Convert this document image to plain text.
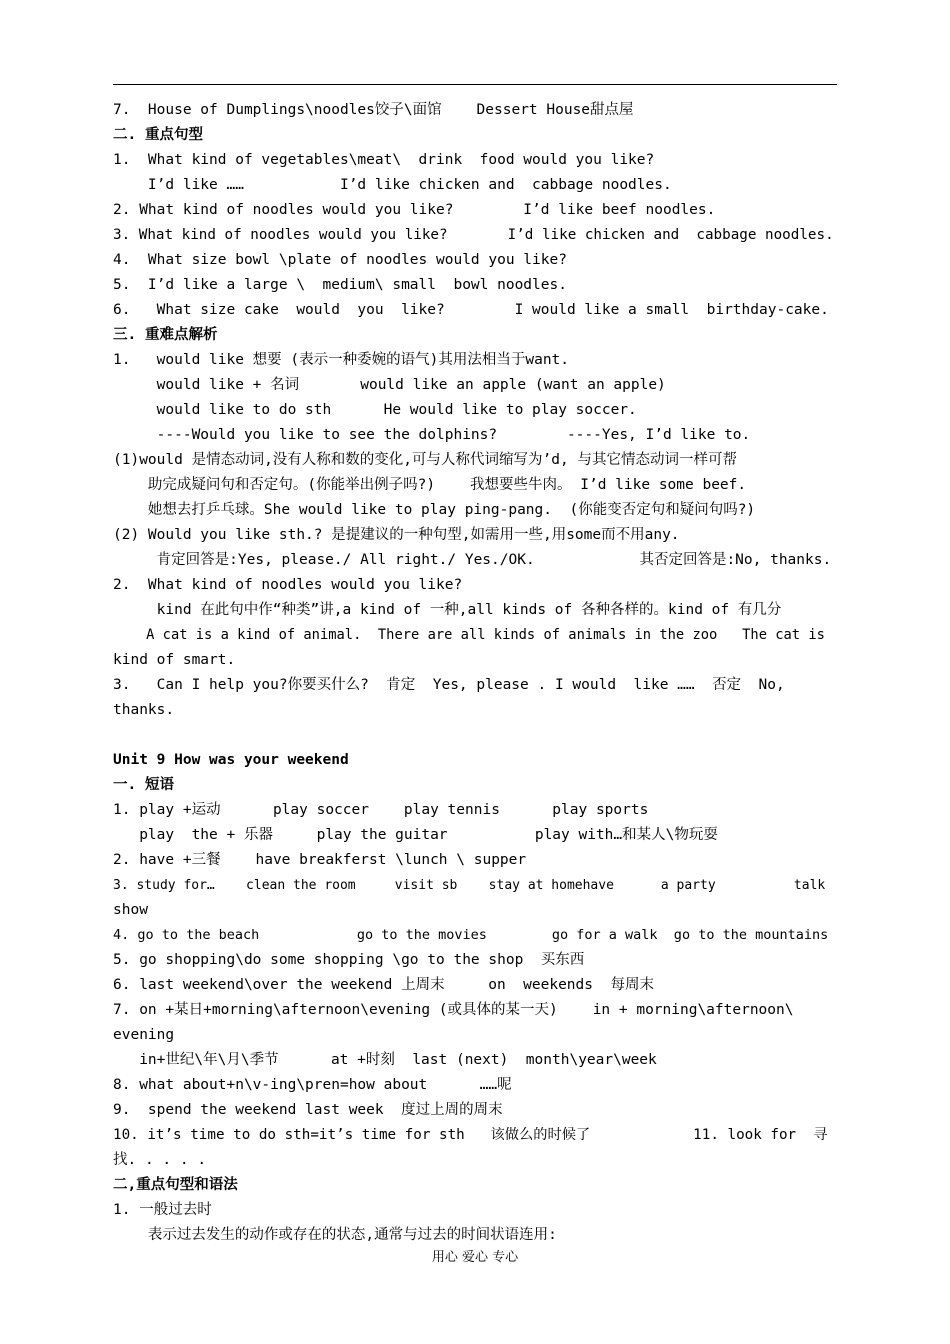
7.  House of Dumplings\noodles饺子\面馆    Dessert House甜点屋
二. 重点句型
1.  What kind of vegetables\meat\  drink  food would you like?
I’d like ……           I’d like chicken and  cabbage noodles.
2. What kind of noodles would you like?        I’d like beef noodles.
3. What kind of noodles would you like?       I’d like chicken and  cabbage noodles.
4.  What size bowl \plate of noodles would you like?
5.  I’d like a large \  medium\ small  bowl noodles.
6.   What size cake  would  you  like?        I would like a small  birthday-cake.
三. 重难点解析
1.   would like 想要 (表示一种委婉的语气)其用法相当于want.
would like + 名词       would like an apple (want an apple)
would like to do sth      He would like to play soccer.
----Would you like to see the dolphins?        ----Yes, I’d like to.
(1)would 是情态动词,没有人称和数的变化,可与人称代词缩写为’d, 与其它情态动词一样可帮
助完成疑问句和否定句。(你能举出例子吗?)    我想要些牛肉。 I’d like some beef.
她想去打乒乓球。She would like to play ping-pang.  (你能变否定句和疑问句吗?)
(2) Would you like sth.? 是提建议的一种句型,如需用一些,用some而不用any.
肯定回答是:Yes, please./ All right./ Yes./OK.            其否定回答是:No, thanks.
2.  What kind of noodles would you like?
kind 在此句中作“种类”讲,a kind of 一种,all kinds of 各种各样的。kind of 有几分
A cat is a kind of animal.  There are all kinds of animals in the zoo   The cat is
kind of smart.
3.   Can I help you?你要买什么?  肯定  Yes, please . I would  like ……  否定  No,
thanks.
Unit 9 How was your weekend
一. 短语
1. play +运动      play soccer    play tennis      play sports
play  the + 乐器     play the guitar          play with…和某人\物玩耍
2. have +三餐    have breakferst \lunch \ supper
3. study for…    clean the room     visit sb    stay at homehave      a party          talk
show
4. go to the beach            go to the movies        go for a walk  go to the mountains
5. go shopping\do some shopping \go to the shop  买东西
6. last weekend\over the weekend 上周末     on  weekends  每周末
7. on +某日+morning\afternoon\evening (或具体的某一天)    in + morning\afternoon\
evening
in+世纪\年\月\季节      at +时刻  last (next)  month\year\week
8. what about+n\v-ing\pren=how about      ……呢
9.  spend the weekend last week  度过上周的周末
10. it’s time to do sth=it’s time for sth   该做么的时候了            11. look for  寻
找. . . . .
二,重点句型和语法
1. 一般过去时
表示过去发生的动作或存在的状态,通常与过去的时间状语连用:
用心 爱心 专心
